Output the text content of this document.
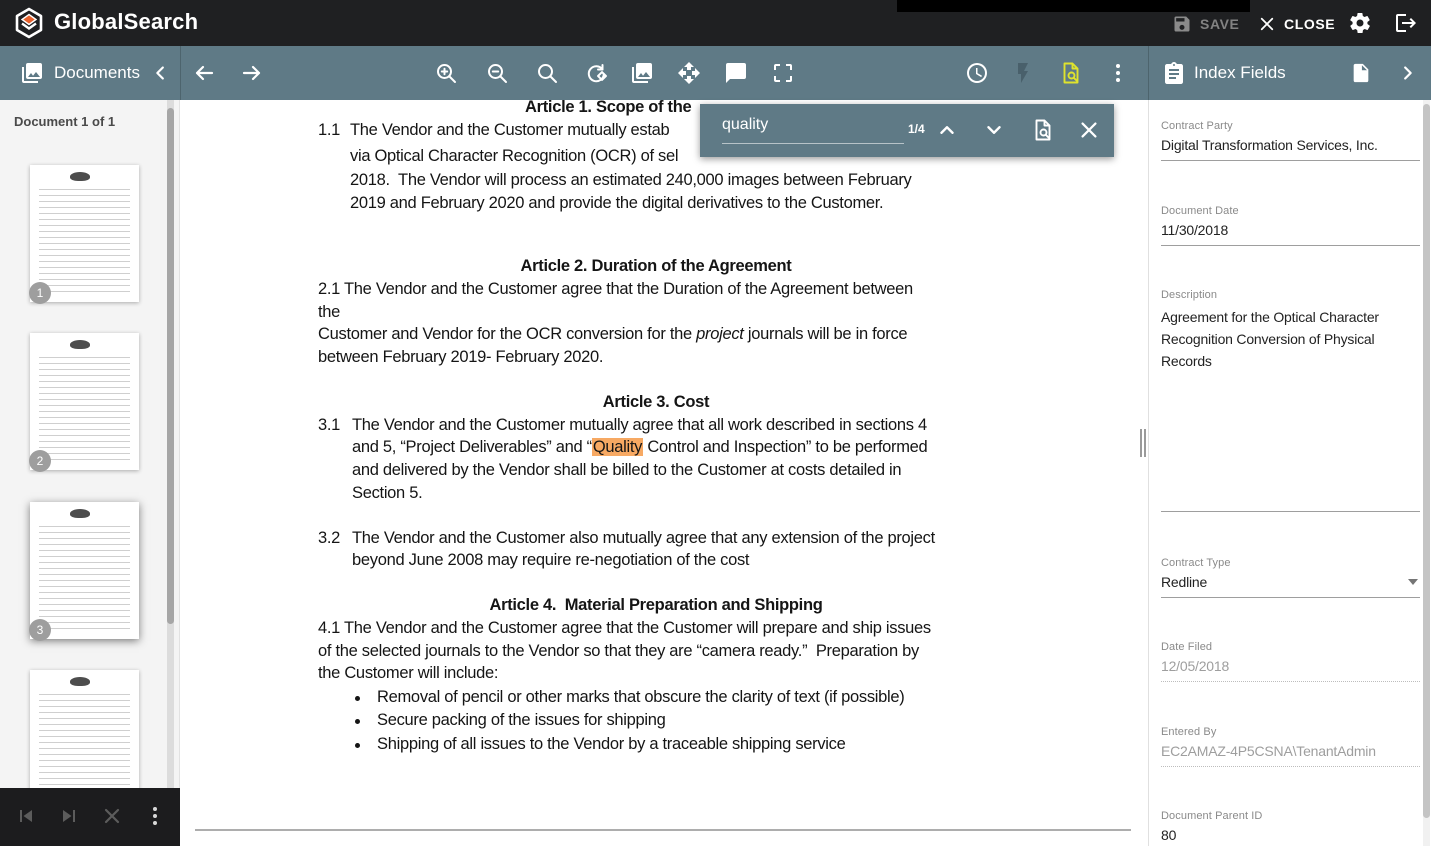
GlobalSearch	SAVE	CLOSE
Documents	Index Fields
Document 1 of 1
1
2
3
Article 1. Scope of the
1.1 The Vendor and the Customer mutually estab
via Optical Character Recognition (OCR) of sel
2018.  The Vendor will process an estimated 240,000 images between February
2019 and February 2020 and provide the digital derivatives to the Customer.
Article 2. Duration of the Agreement
2.1 The Vendor and the Customer agree that the Duration of the Agreement between
the
Customer and Vendor for the OCR conversion for the project journals will be in force
between February 2019- February 2020.
Article 3. Cost
3.1 The Vendor and the Customer mutually agree that all work described in sections 4
and 5, “Project Deliverables” and “Quality Control and Inspection” to be performed
and delivered by the Vendor shall be billed to the Customer at costs detailed in
Section 5.
3.2 The Vendor and the Customer also mutually agree that any extension of the project
beyond June 2008 may require re-negotiation of the cost
Article 4.  Material Preparation and Shipping
4.1 The Vendor and the Customer agree that the Customer will prepare and ship issues
of the selected journals to the Vendor so that they are “camera ready.”  Preparation by
the Customer will include:
Removal of pencil or other marks that obscure the clarity of text (if possible)
Secure packing of the issues for shipping
Shipping of all issues to the Vendor by a traceable shipping service
quality	1/4	Contract Party
Digital Transformation Services, Inc.
Document Date
11/30/2018
Description
Agreement for the Optical Character Recognition Conversion of Physical Records
Contract Type
Redline
Date Filed
12/05/2018
Entered By
EC2AMAZ-4P5CSNA\TenantAdmin
Document Parent ID
80
